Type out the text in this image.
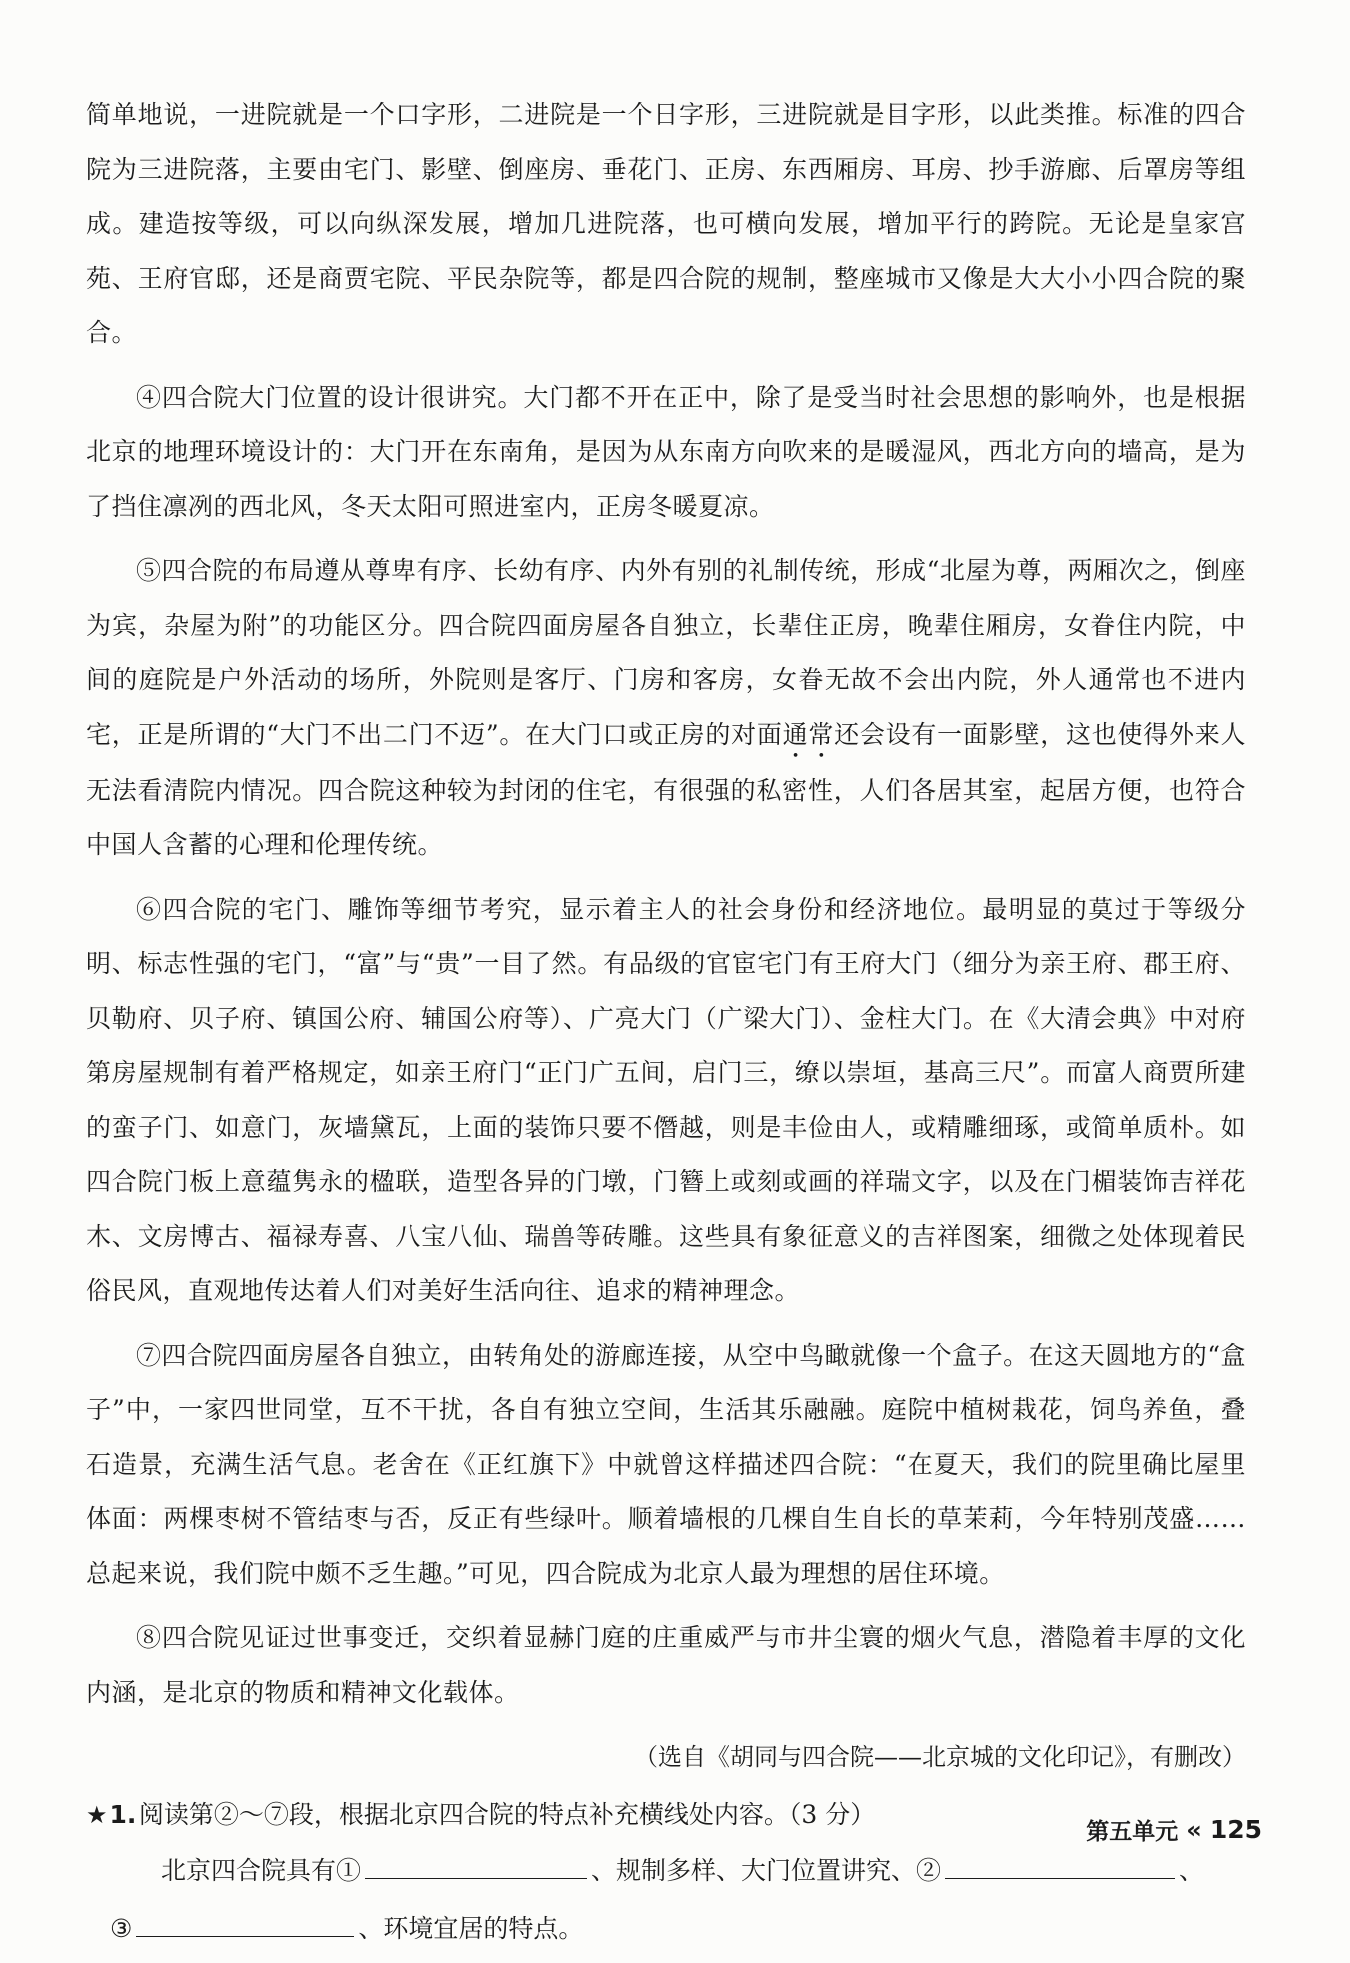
简单地说，一进院就是一个口字形，二进院是一个日字形，三进院就是目字形，以此类推。标准的四合院为三进院落，主要由宅门、影壁、倒座房、垂花门、正房、东西厢房、耳房、抄手游廊、后罩房等组成。建造按等级，可以向纵深发展，增加几进院落，也可横向发展，增加平行的跨院。无论是皇家宫苑、王府官邸，还是商贾宅院、平民杂院等，都是四合院的规制，整座城市又像是大大小小四合院的聚合。

④四合院大门位置的设计很讲究。大门都不开在正中，除了是受当时社会思想的影响外，也是根据北京的地理环境设计的：大门开在东南角，是因为从东南方向吹来的是暖湿风，西北方向的墙高，是为了挡住凛冽的西北风，冬天太阳可照进室内，正房冬暖夏凉。

⑤四合院的布局遵从尊卑有序、长幼有序、内外有别的礼制传统，形成“北屋为尊，两厢次之，倒座为宾，杂屋为附”的功能区分。四合院四面房屋各自独立，长辈住正房，晚辈住厢房，女眷住内院，中间的庭院是户外活动的场所，外院则是客厅、门房和客房，女眷无故不会出内院，外人通常也不进内宅，正是所谓的“大门不出二门不迈”。在大门口或正房的对面通常还会设有一面影壁，这也使得外来人无法看清院内情况。四合院这种较为封闭的住宅，有很强的私密性，人们各居其室，起居方便，也符合中国人含蓄的心理和伦理传统。

⑥四合院的宅门、雕饰等细节考究，显示着主人的社会身份和经济地位。最明显的莫过于等级分明、标志性强的宅门，“富”与“贵”一目了然。有品级的官宦宅门有王府大门（细分为亲王府、郡王府、贝勒府、贝子府、镇国公府、辅国公府等）、广亮大门（广梁大门）、金柱大门。在《大清会典》中对府第房屋规制有着严格规定，如亲王府门“正门广五间，启门三，缭以崇垣，基高三尺”。而富人商贾所建的蛮子门、如意门，灰墙黛瓦，上面的装饰只要不僭越，则是丰俭由人，或精雕细琢，或简单质朴。如四合院门板上意蕴隽永的楹联，造型各异的门墩，门簪上或刻或画的祥瑞文字，以及在门楣装饰吉祥花木、文房博古、福禄寿喜、八宝八仙、瑞兽等砖雕。这些具有象征意义的吉祥图案，细微之处体现着民俗民风，直观地传达着人们对美好生活向往、追求的精神理念。

⑦四合院四面房屋各自独立，由转角处的游廊连接，从空中鸟瞰就像一个盒子。在这天圆地方的“盒子”中，一家四世同堂，互不干扰，各自有独立空间，生活其乐融融。庭院中植树栽花，饲鸟养鱼，叠石造景，充满生活气息。老舍在《正红旗下》中就曾这样描述四合院：“在夏天，我们的院里确比屋里体面：两棵枣树不管结枣与否，反正有些绿叶。顺着墙根的几棵自生自长的草茉莉，今年特别茂盛……总起来说，我们院中颇不乏生趣。”可见，四合院成为北京人最为理想的居住环境。

⑧四合院见证过世事变迁，交织着显赫门庭的庄重威严与市井尘寰的烟火气息，潜隐着丰厚的文化内涵，是北京的物质和精神文化载体。

（选自《胡同与四合院——北京城的文化印记》，有删改）

★1.  阅读第②～⑦段，根据北京四合院的特点补充横线处内容。（3 分）

北京四合院具有①	、规制多样、大门位置讲究、②	、

③	、环境宜居的特点。

第五单元 « 125
